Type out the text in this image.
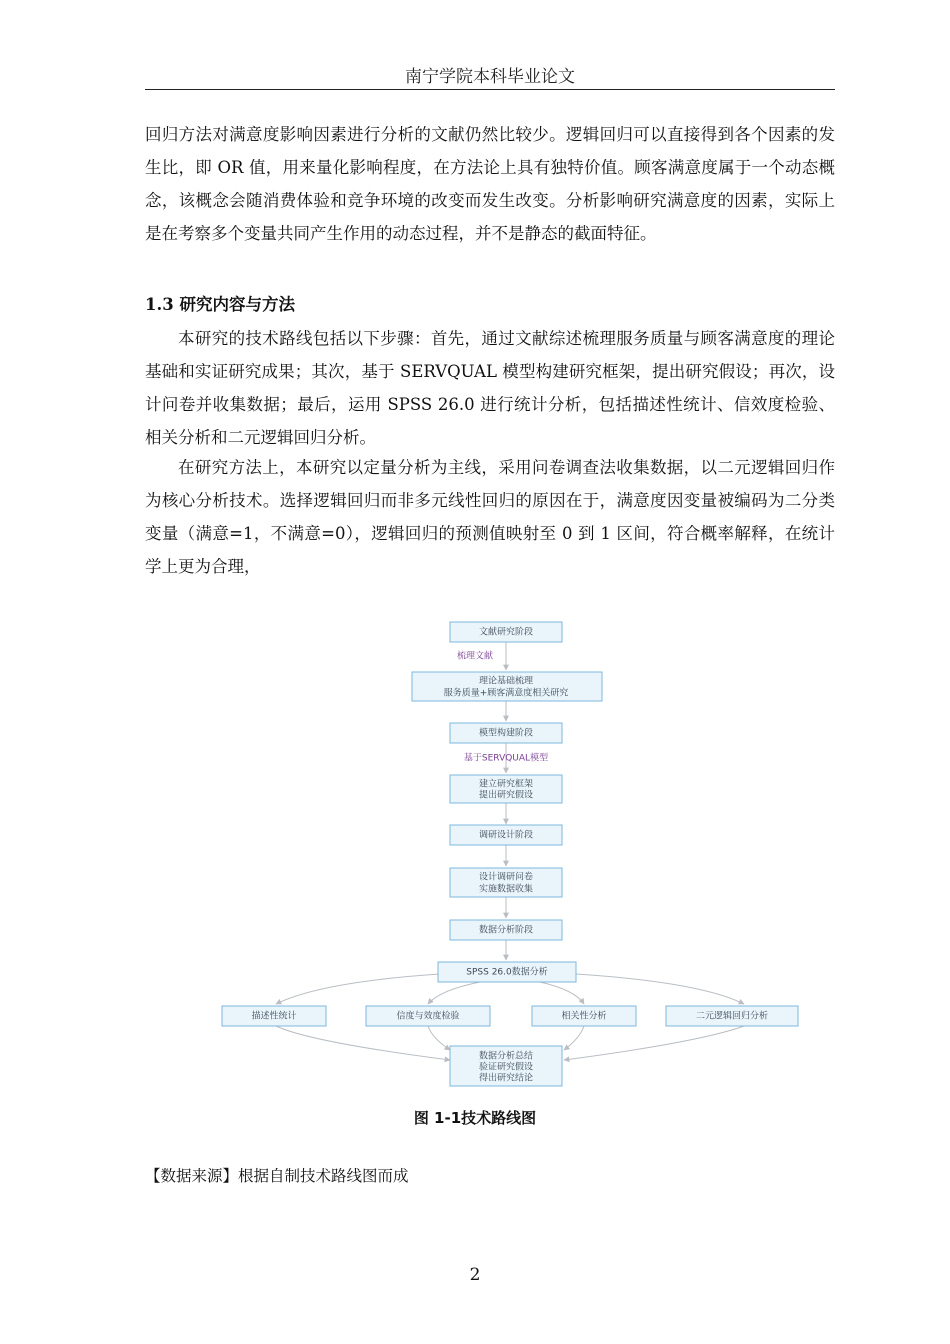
南宁学院本科毕业论文

回归方法对满意度影响因素进行分析的文献仍然比较少。逻辑回归可以直接得到各个因素的发生比，即 OR 值，用来量化影响程度，在方法论上具有独特价值。顾客满意度属于一个动态概念，该概念会随消费体验和竞争环境的改变而发生改变。分析影响研究满意度的因素，实际上是在考察多个变量共同产生作用的动态过程，并不是静态的截面特征。

1.3 研究内容与方法

本研究的技术路线包括以下步骤：首先，通过文献综述梳理服务质量与顾客满意度的理论基础和实证研究成果；其次，基于 SERVQUAL 模型构建研究框架，提出研究假设；再次，设计问卷并收集数据；最后，运用 SPSS 26.0 进行统计分析，包括描述性统计、信效度检验、相关分析和二元逻辑回归分析。

在研究方法上，本研究以定量分析为主线，采用问卷调查法收集数据，以二元逻辑回归作为核心分析技术。选择逻辑回归而非多元线性回归的原因在于，满意度因变量被编码为二分类变量（满意=1，不满意=0），逻辑回归的预测值映射至 0 到 1 区间，符合概率解释，在统计学上更为合理，

梳理文献
基于SERVQUAL模型
文献研究阶段
理论基础梳理
服务质量+顾客满意度相关研究
模型构建阶段
建立研究框架
提出研究假设
调研设计阶段
设计调研问卷
实施数据收集
数据分析阶段
SPSS 26.0数据分析
描述性统计	信度与效度检验	相关性分析	二元逻辑回归分析
数据分析总结
验证研究假设
得出研究结论
图 1-1技术路线图
【数据来源】根据自制技术路线图而成
2
